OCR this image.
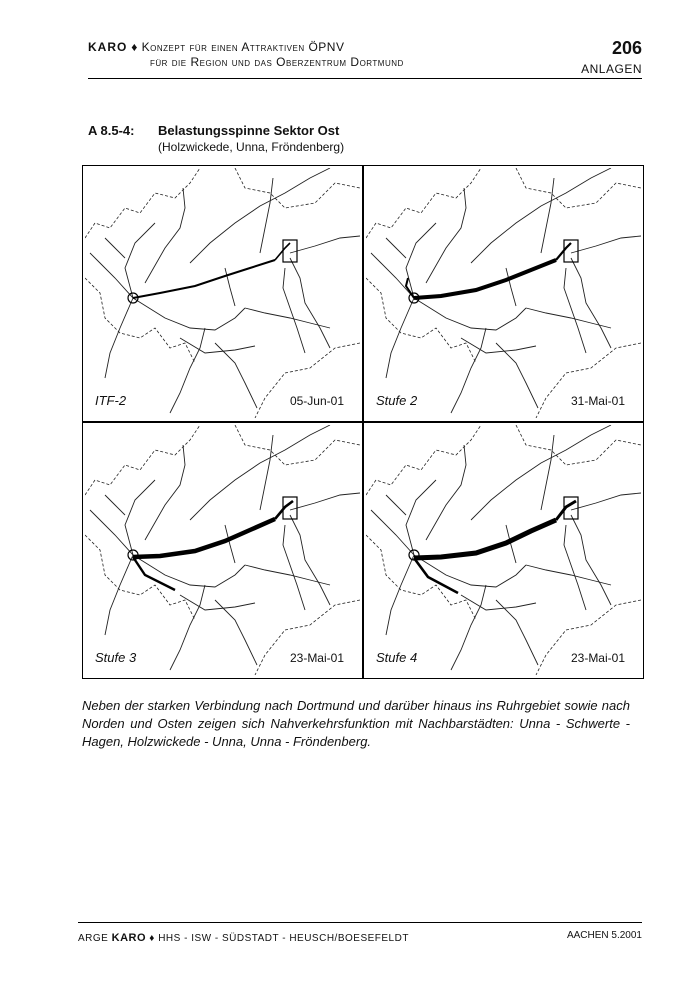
KARO ♦ Konzept für einen Attraktiven ÖPNV
für die Region und das Oberzentrum Dortmund
206
ANLAGEN
A 8.5-4: Belastungsspinne Sektor Ost
(Holzwickede, Unna, Fröndenberg)
ITF-2	05-Jun-01 Stufe 2	31-Mai-01
Stufe 3	23-Mai-01 Stufe 4	23-Mai-01
Neben der starken Verbindung nach Dortmund und darüber hinaus ins Ruhrgebiet sowie nach Norden und Osten zeigen sich Nahverkehrsfunktion mit Nachbarstädten: Unna - Schwerte - Hagen, Holzwickede - Unna, Unna - Fröndenberg.
ARGE KARO ♦ HHS - ISW - SÜDSTADT - HEUSCH/BOESEFELDT	AACHEN 5.2001
